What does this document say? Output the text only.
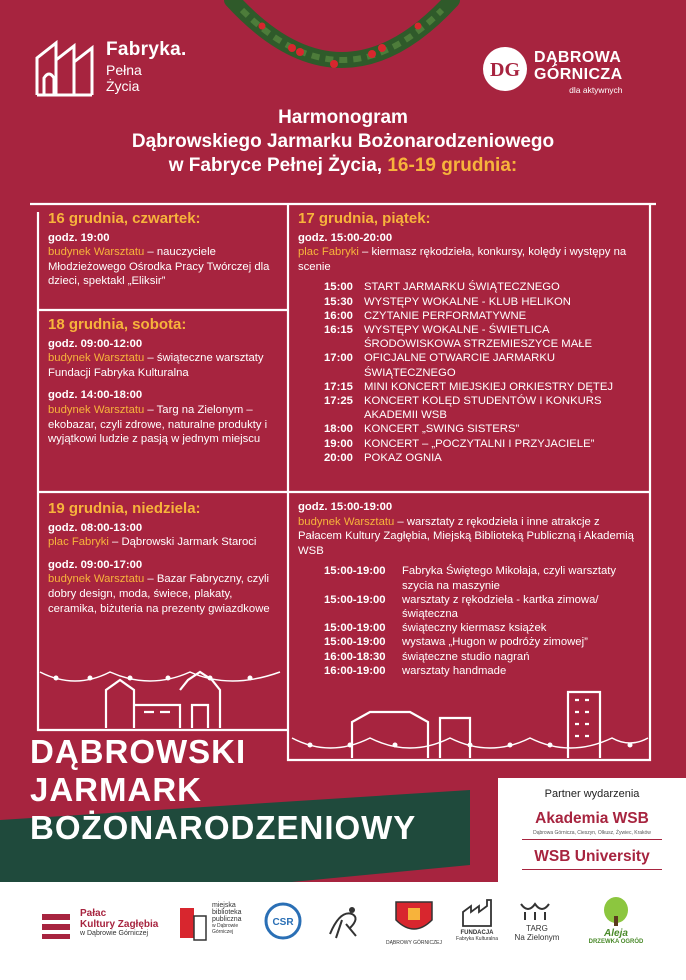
Fabryka.
Pełna
Życia
DG
DĄBROWA
GÓRNICZA
dla aktywnych
Harmonogram
Dąbrowskiego Jarmarku Bożonarodzeniowego
w Fabryce Pełnej Życia, 16-19 grudnia:
16 grudnia, czwartek:
godz. 19:00
budynek Warsztatu – nauczyciele Młodzieżowego Ośrodka Pracy Twórczej dla dzieci, spektakl „Eliksir”
18 grudnia, sobota:
godz. 09:00-12:00
budynek Warsztatu – świąteczne warsztaty Fundacji Fabryka Kulturalna
godz. 14:00-18:00
budynek Warsztatu – Targ na Zielonym – ekobazar, czyli zdrowe, naturalne produkty i wyjątkowi ludzie z pasją w jednym miejscu
19 grudnia, niedziela:
godz. 08:00-13:00
plac Fabryki – Dąbrowski Jarmark Staroci
godz. 09:00-17:00
budynek Warsztatu – Bazar Fabryczny, czyli dobry design, moda, świece, plakaty, ceramika, biżuteria na prezenty gwiazdkowe
17 grudnia, piątek:
godz. 15:00-20:00
plac Fabryki – kiermasz rękodzieła, konkursy, kolędy i występy na scenie
15:00 START JARMARKU ŚWIĄTECZNEGO
15:30 WYSTĘPY WOKALNE - KLUB HELIKON
16:00 CZYTANIE PERFORMATYWNE
16:15 WYSTĘPY WOKALNE - ŚWIETLICA ŚRODOWISKOWA STRZEMIESZYCE MAŁE
17:00 OFICJALNE OTWARCIE JARMARKU ŚWIĄTECZNEGO
17:15 MINI KONCERT MIEJSKIEJ ORKIESTRY DĘTEJ
17:25 KONCERT KOLĘD STUDENTÓW I KONKURS AKADEMII WSB
18:00 KONCERT „SWING SISTERS”
19:00 KONCERT – „POCZYTALNI I PRZYJACIELE”
20:00 POKAZ OGNIA
godz. 15:00-19:00
budynek Warsztatu – warsztaty z rękodzieła i inne atrakcje z Pałacem Kultury Zagłębia, Miejską Biblioteką Publiczną i Akademią WSB
15:00-19:00	Fabryka Świętego Mikołaja, czyli warsztaty szycia na maszynie
15:00-19:00	warsztaty z rękodzieła - kartka zimowa/świąteczna
15:00-19:00	świąteczny kiermasz książek
15:00-19:00	wystawa „Hugon w podróży zimowej”
16:00-18:30	świąteczne studio nagrań
16:00-19:00	warsztaty handmade
DĄBROWSKI
JARMARK
BOŻONARODZENIOWY
Partner wydarzenia
Akademia WSB
Dąbrowa Górnicza, Cieszyn, Olkusz, Żywiec, Kraków
WSB University
Pałac
Kultury Zagłębia
w Dąbrowie Górniczej
miejska
biblioteka
publiczna
w Dąbrowie Górniczej
CSR
DĄBROWY GÓRNICZEJ
FUNDACJA
Fabryka Kulturalna
TARG
Na Zielonym	Aleja
DRZEWKA OGRÓD
